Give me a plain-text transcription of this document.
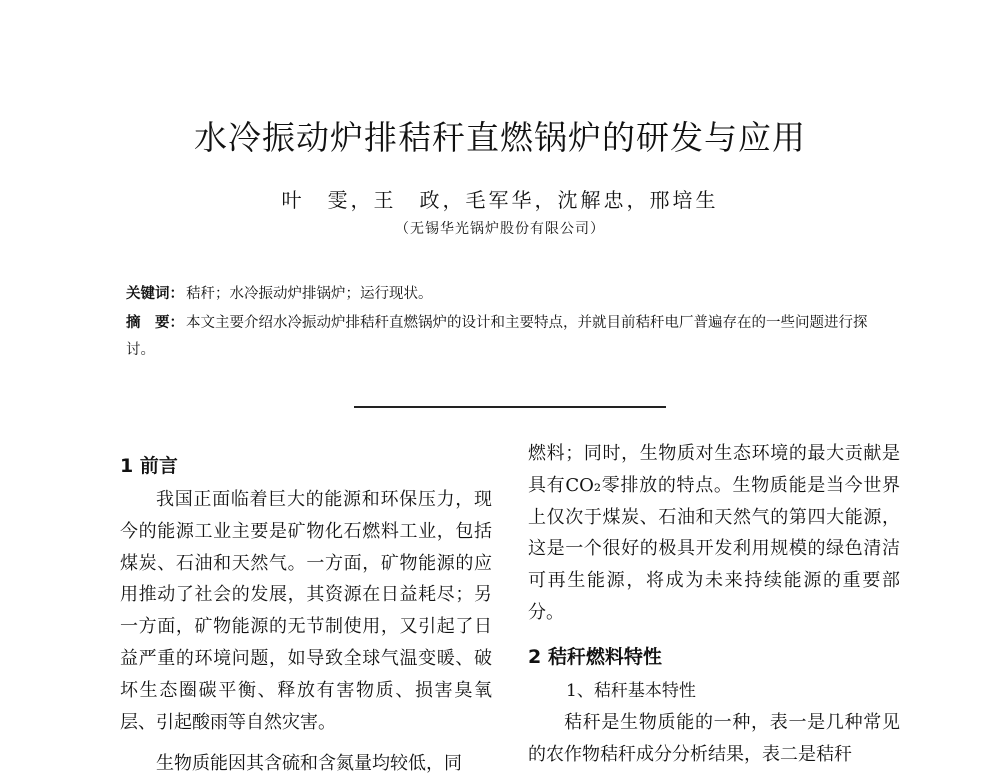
水冷振动炉排秸秆直燃锅炉的研发与应用
叶　雯，王　政，毛军华，沈解忠，邢培生
（无锡华光锅炉股份有限公司）
关键词： 秸秆；水冷振动炉排锅炉；运行现状。
摘　要： 本文主要介绍水冷振动炉排秸秆直燃锅炉的设计和主要特点，并就目前秸秆电厂普遍存在的一些问题进行探讨。
1 前言

我国正面临着巨大的能源和环保压力，现今的能源工业主要是矿物化石燃料工业，包括煤炭、石油和天然气。一方面，矿物能源的应用推动了社会的发展，其资源在日益耗尽；另一方面，矿物能源的无节制使用，又引起了日益严重的环境问题，如导致全球气温变暖、破坏生态圈碳平衡、释放有害物质、损害臭氧层、引起酸雨等自然灾害。

生物质能因其含硫和含氮量均较低，同

燃料；同时，生物质对生态环境的最大贡献是具有CO₂零排放的特点。生物质能是当今世界上仅次于煤炭、石油和天然气的第四大能源，这是一个很好的极具开发利用规模的绿色清洁可再生能源，将成为未来持续能源的重要部分。

2 秸秆燃料特性

1、秸秆基本特性

秸秆是生物质能的一种，表一是几种常见的农作物秸秆成分分析结果，表二是秸秆
